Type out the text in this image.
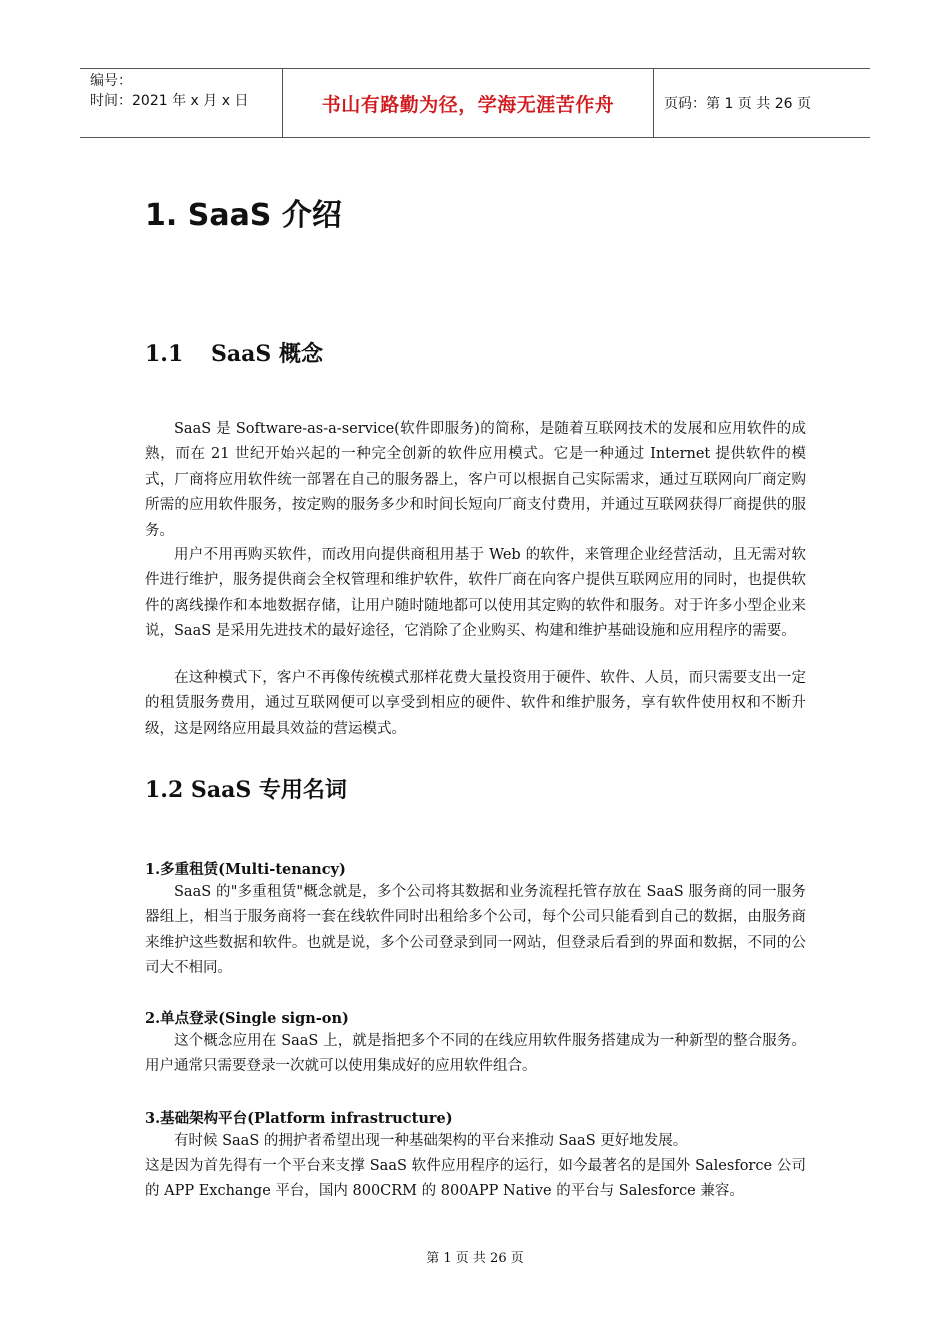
编号：
时间：2021 年 x 月 x 日	书山有路勤为径，学海无涯苦作舟	页码：第 1 页 共 26 页
1. SaaS 介绍
1.1 SaaS 概念

SaaS 是 Software-as-a-service(软件即服务)的简称，是随着互联网技术的发展和应用软件的成熟，而在 21 世纪开始兴起的一种完全创新的软件应用模式。它是一种通过 Internet 提供软件的模式，厂商将应用软件统一部署在自己的服务器上，客户可以根据自己实际需求，通过互联网向厂商定购所需的应用软件服务，按定购的服务多少和时间长短向厂商支付费用，并通过互联网获得厂商提供的服务。

用户不用再购买软件，而改用向提供商租用基于 Web 的软件，来管理企业经营活动，且无需对软件进行维护，服务提供商会全权管理和维护软件，软件厂商在向客户提供互联网应用的同时，也提供软件的离线操作和本地数据存储，让用户随时随地都可以使用其定购的软件和服务。对于许多小型企业来说，SaaS 是采用先进技术的最好途径，它消除了企业购买、构建和维护基础设施和应用程序的需要。

在这种模式下，客户不再像传统模式那样花费大量投资用于硬件、软件、人员，而只需要支出一定的租赁服务费用，通过互联网便可以享受到相应的硬件、软件和维护服务，享有软件使用权和不断升级，这是网络应用最具效益的营运模式。

1.2 SaaS 专用名词
1.多重租赁(Multi-tenancy)

SaaS 的"多重租赁"概念就是，多个公司将其数据和业务流程托管存放在 SaaS 服务商的同一服务器组上，相当于服务商将一套在线软件同时出租给多个公司，每个公司只能看到自己的数据，由服务商来维护这些数据和软件。也就是说，多个公司登录到同一网站，但登录后看到的界面和数据，不同的公司大不相同。

2.单点登录(Single sign-on)

这个概念应用在 SaaS 上，就是指把多个不同的在线应用软件服务搭建成为一种新型的整合服务。用户通常只需要登录一次就可以使用集成好的应用软件组合。

3.基础架构平台(Platform infrastructure)

有时候 SaaS 的拥护者希望出现一种基础架构的平台来推动 SaaS 更好地发展。

这是因为首先得有一个平台来支撑 SaaS 软件应用程序的运行，如今最著名的是国外 Salesforce 公司的 APP Exchange 平台，国内 800CRM 的 800APP Native 的平台与 Salesforce 兼容。

第 1 页 共 26 页
